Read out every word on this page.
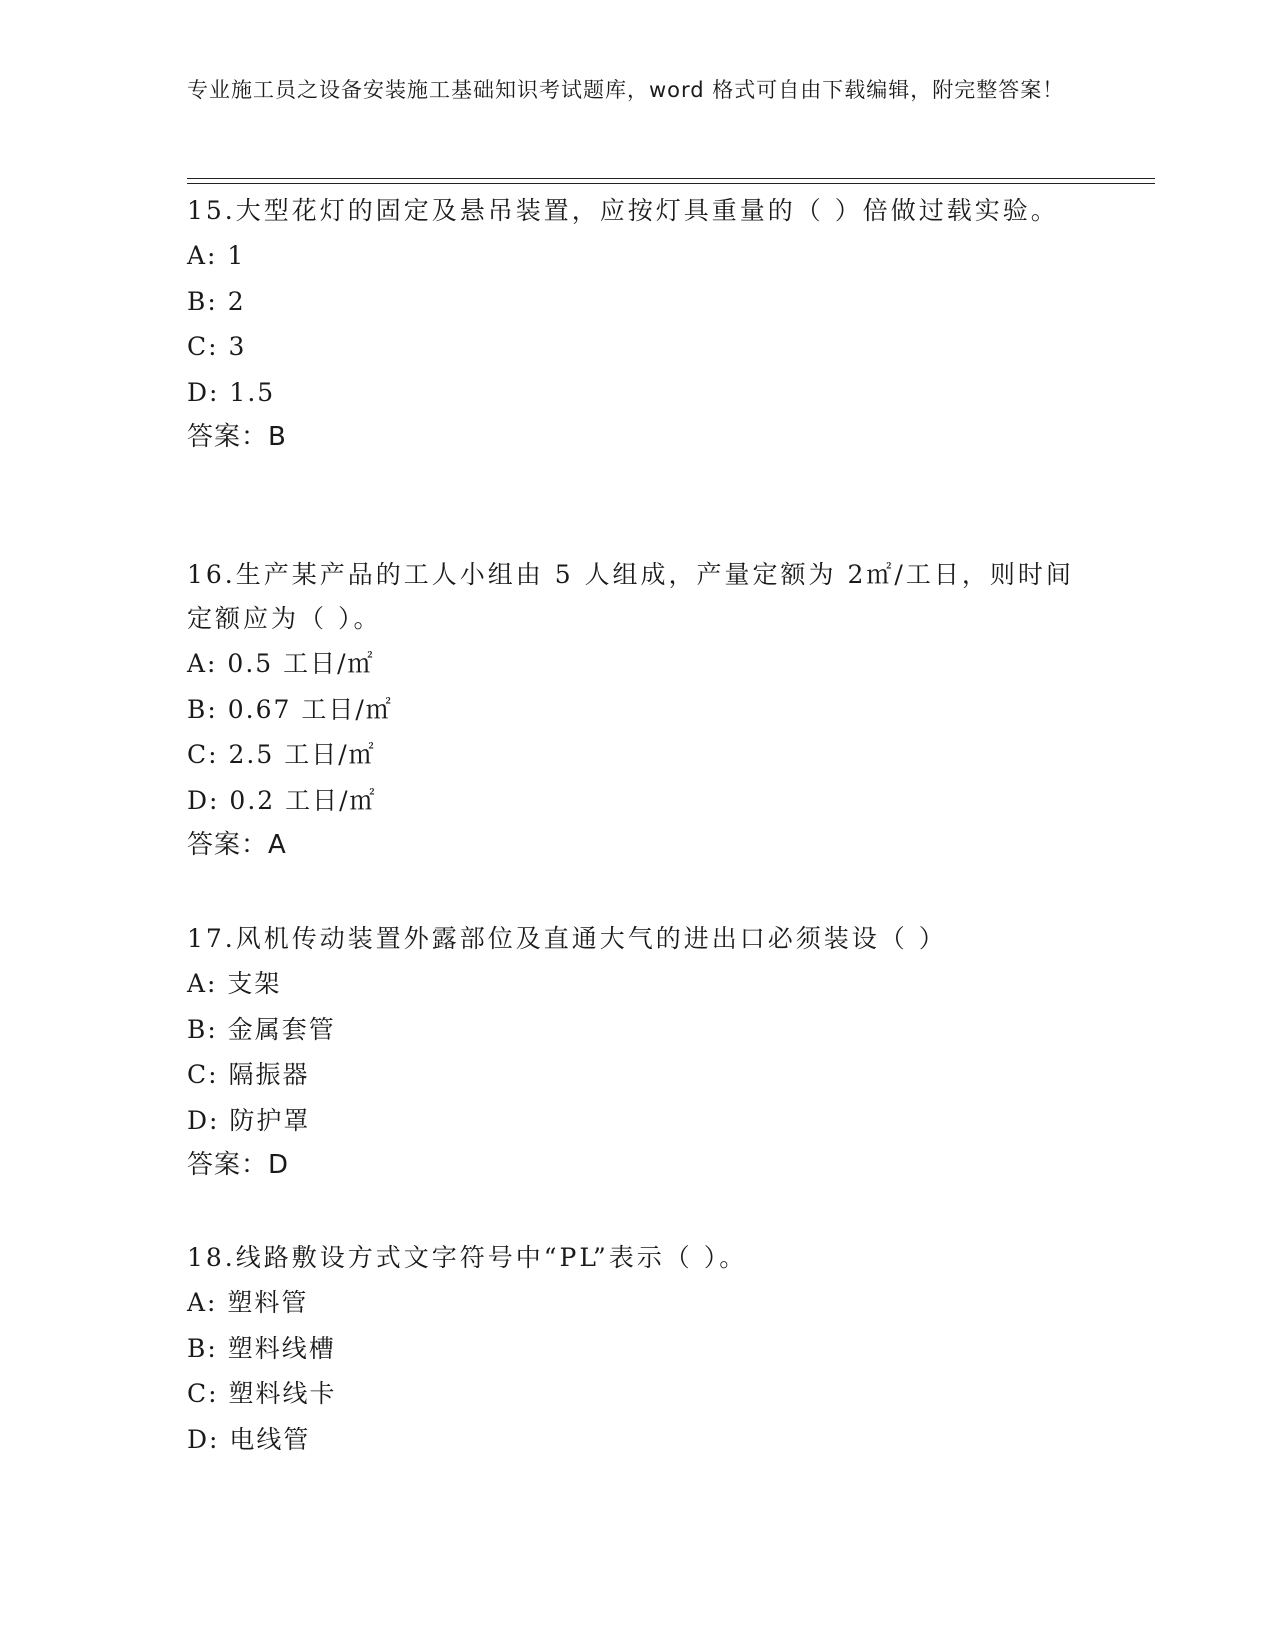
专业施工员之设备安装施工基础知识考试题库，word 格式可自由下载编辑，附完整答案！

15.大型花灯的固定及悬吊装置，应按灯具重量的（ ）倍做过载实验。

A: 1
B: 2
C: 3
D: 1.5
答案：B

16.生产某产品的工人小组由 5 人组成，产量定额为 2㎡/工日，则时间定额应为（ ）。

A: 0.5 工日/㎡
B: 0.67 工日/㎡
C: 2.5 工日/㎡
D: 0.2 工日/㎡
答案：A

17.风机传动装置外露部位及直通大气的进出口必须装设（ ）

A: 支架
B: 金属套管
C: 隔振器
D: 防护罩
答案：D

18.线路敷设方式文字符号中“PL”表示（ ）。

A: 塑料管
B: 塑料线槽
C: 塑料线卡
D: 电线管
